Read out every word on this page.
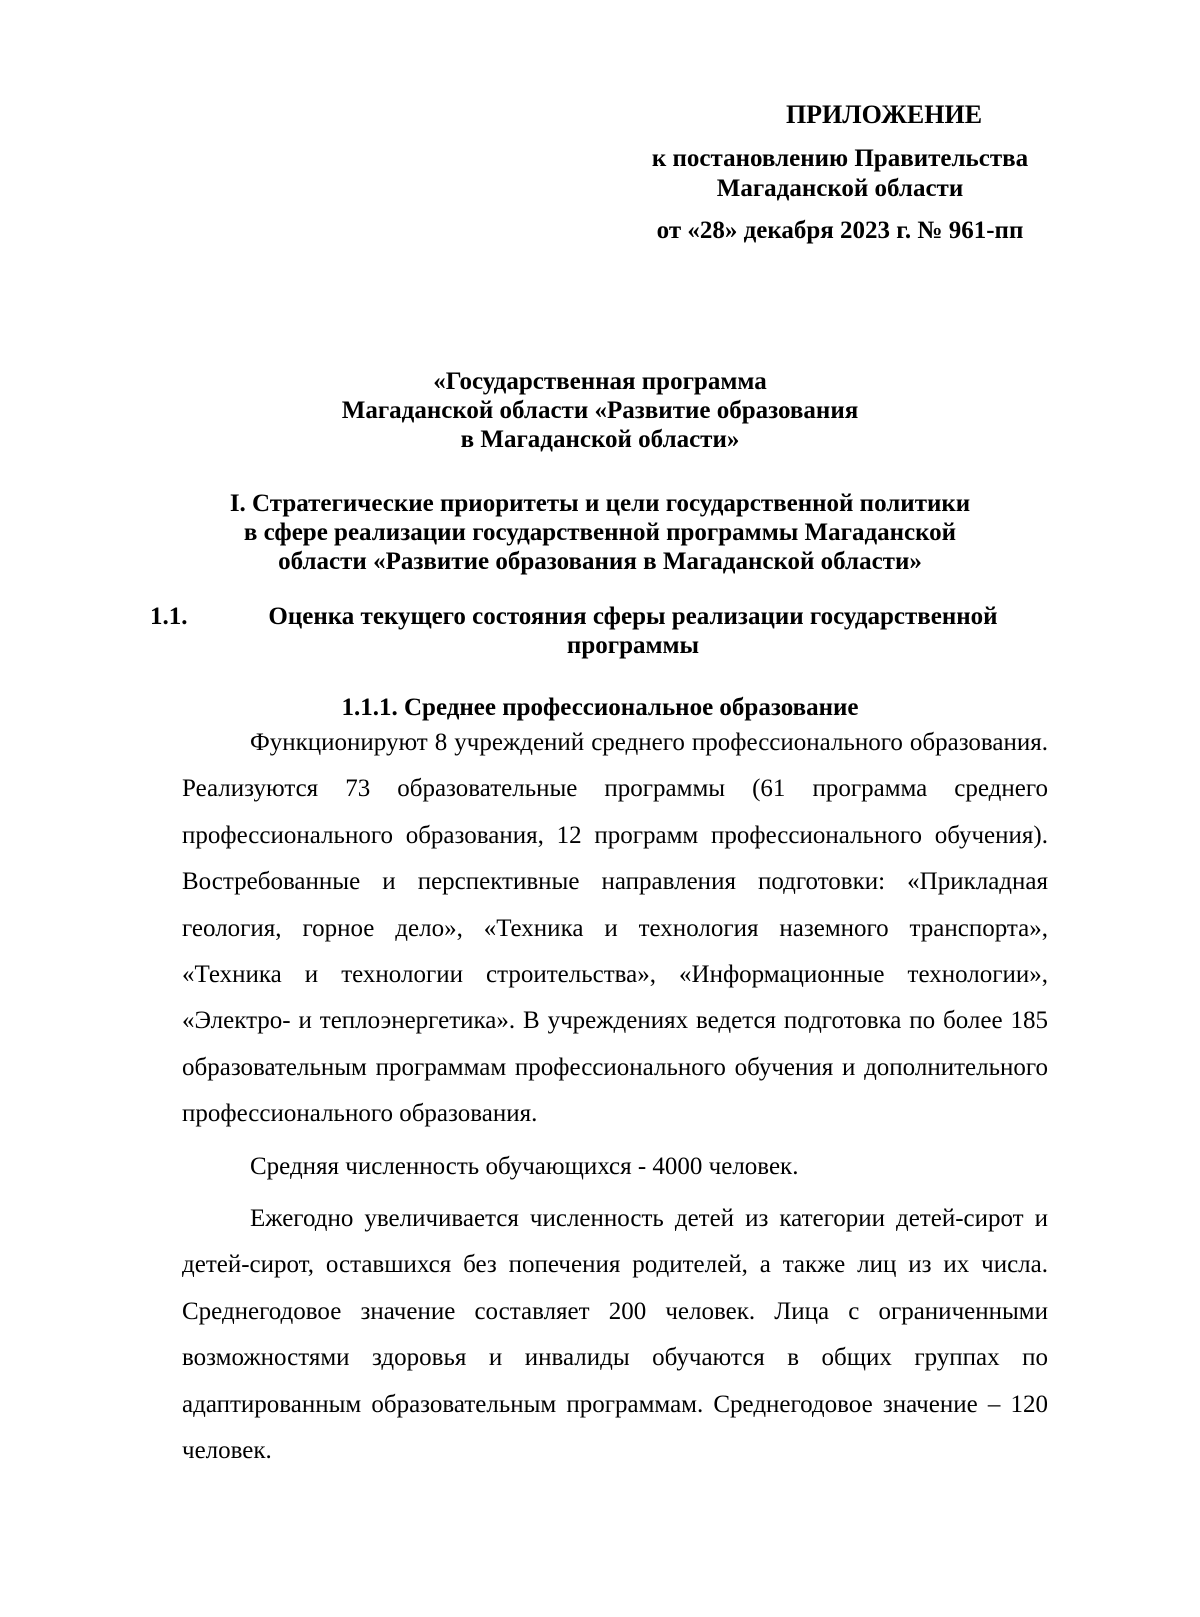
ПРИЛОЖЕНИЕ
к постановлению Правительства
Магаданской области
от «28» декабря 2023 г. № 961-пп
«Государственная программа
Магаданской области «Развитие образования
в Магаданской области»
I. Стратегические приоритеты и цели государственной политики
в сфере реализации государственной программы Магаданской
области «Развитие образования в Магаданской области»
1.1.	Оценка текущего состояния сферы реализации государственной
программы
1.1.1. Среднее профессиональное образование

Функционируют 8 учреждений среднего профессионального образования. Реализуются 73 образовательные программы (61 программа среднего профессионального образования, 12 программ профессионального обучения). Востребованные и перспективные направления подготовки: «Прикладная геология, горное дело», «Техника и технология наземного транспорта», «Техника и технологии строительства», «Информационные технологии», «Электро- и теплоэнергетика». В учреждениях ведется подготовка по более 185 образовательным программам профессионального обучения и дополнительного профессионального образования.

Средняя численность обучающихся - 4000 человек.

Ежегодно увеличивается численность детей из категории детей-сирот и детей-сирот, оставшихся без попечения родителей, а также лиц из их числа. Среднегодовое значение составляет 200 человек. Лица с ограниченными возможностями здоровья и инвалиды обучаются в общих группах по адаптированным образовательным программам. Среднегодовое значение – 120 человек.
